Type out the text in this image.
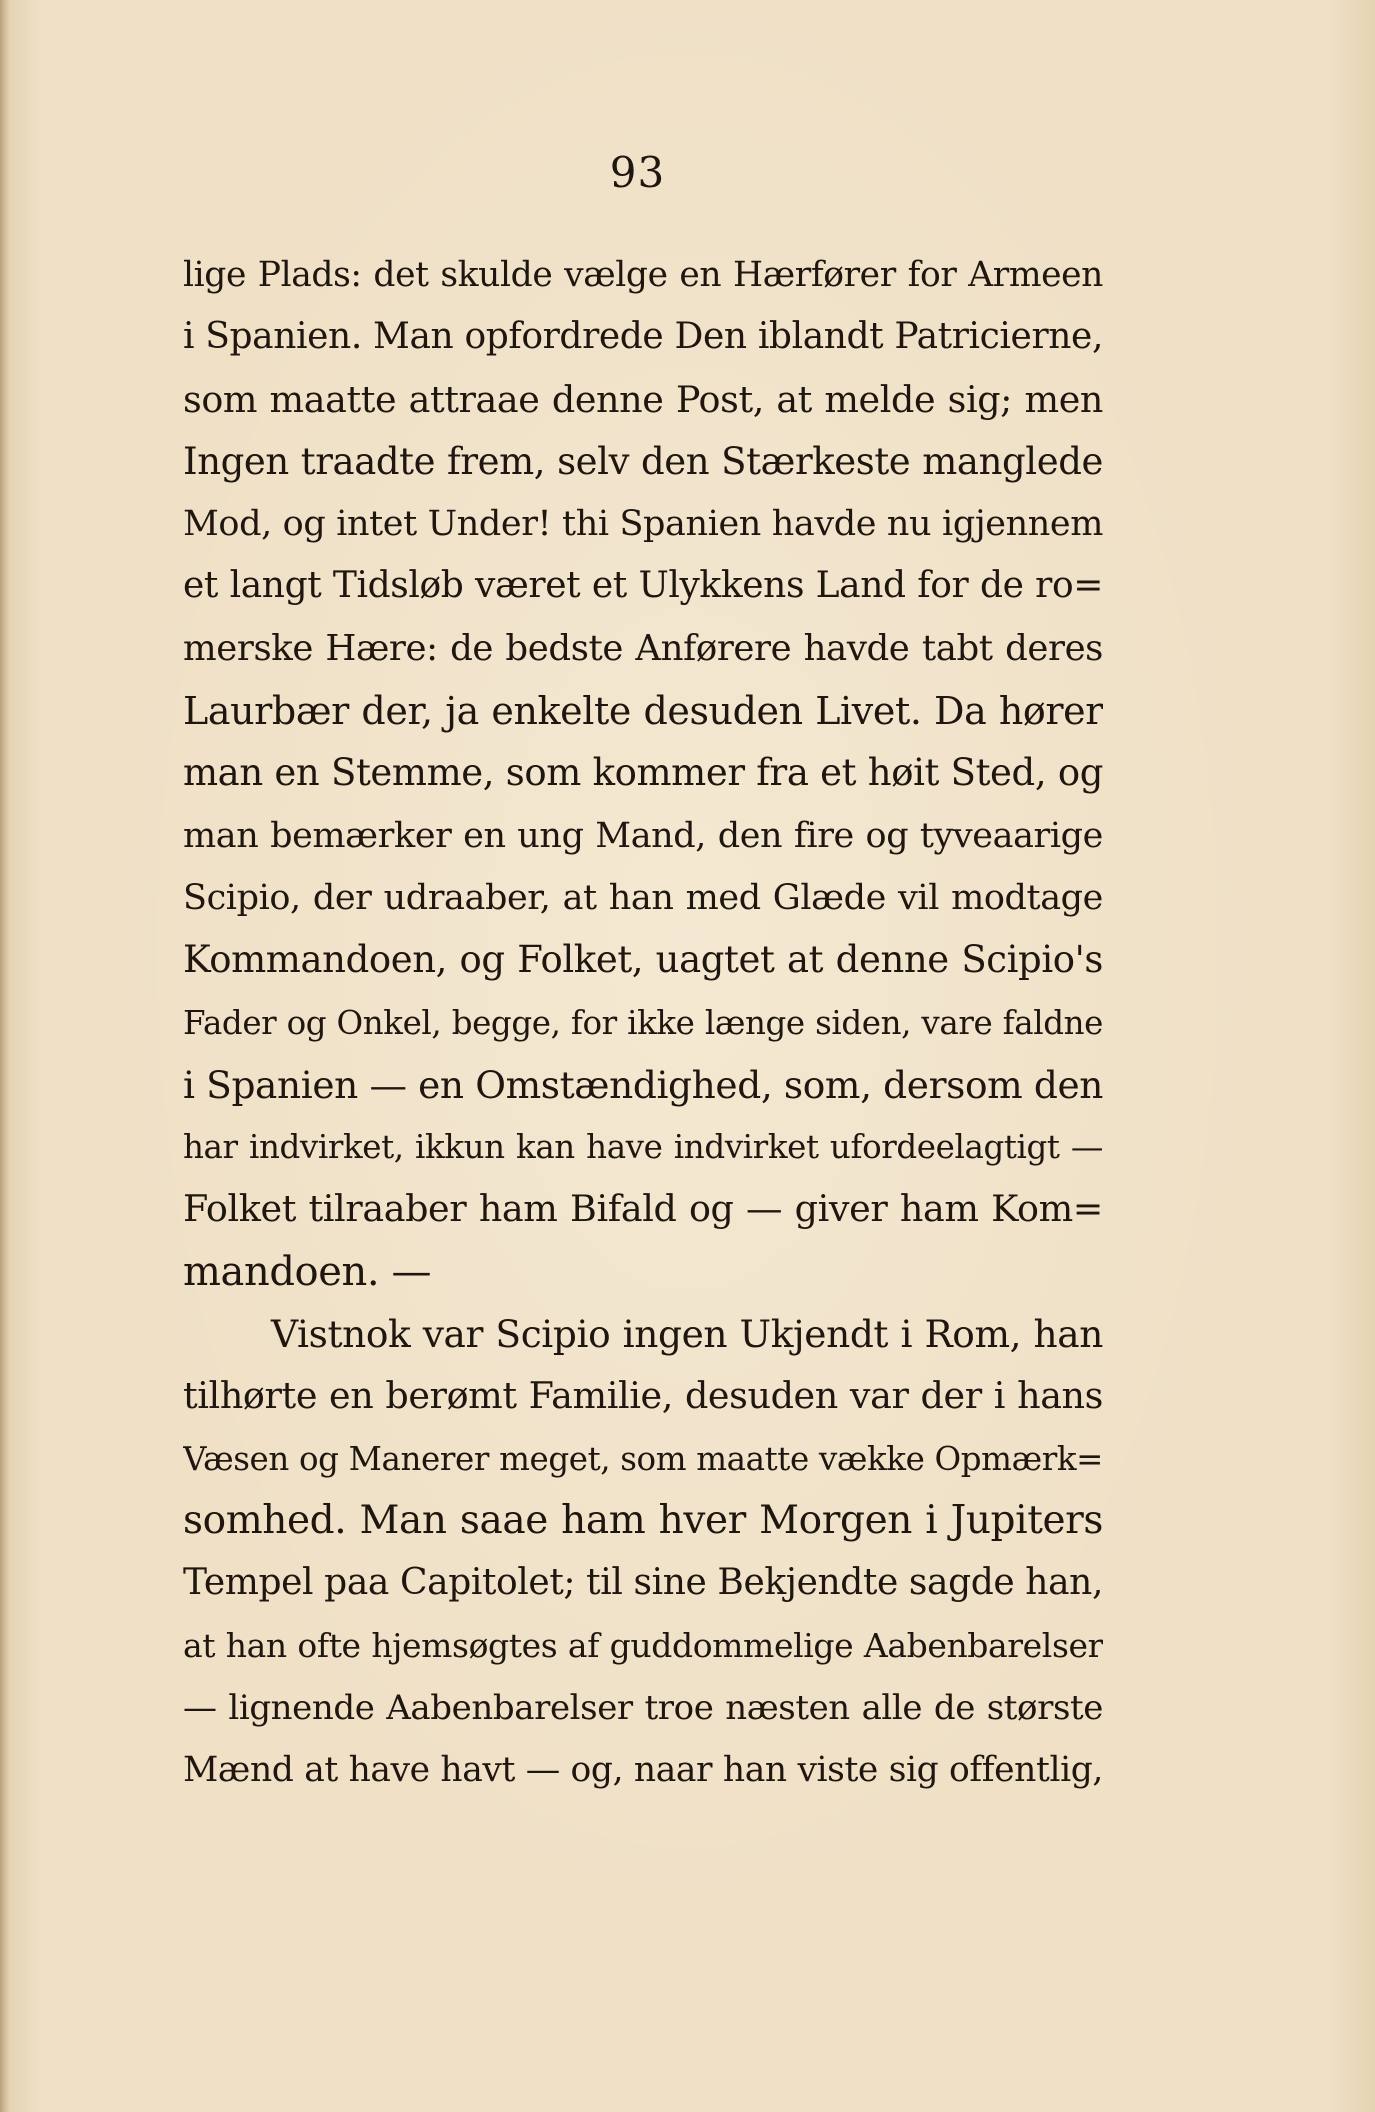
93
lige Plads: det skulde vælge en Hærfører for Armeen
i Spanien. Man opfordrede Den iblandt Patricierne,
som maatte attraae denne Post, at melde sig; men
Ingen traadte frem, selv den Stærkeste manglede
Mod, og intet Under! thi Spanien havde nu igjennem
et langt Tidsløb været et Ulykkens Land for de ro=
merske Hære: de bedste Anførere havde tabt deres
Laurbær der, ja enkelte desuden Livet. Da hører
man en Stemme, som kommer fra et høit Sted, og
man bemærker en ung Mand, den fire og tyveaarige
Scipio, der udraaber, at han med Glæde vil modtage
Kommandoen, og Folket, uagtet at denne Scipio's
Fader og Onkel, begge, for ikke længe siden, vare faldne
i Spanien — en Omstændighed, som, dersom den
har indvirket, ikkun kan have indvirket ufordeelagtigt —
Folket tilraaber ham Bifald og — giver ham Kom=
mandoen. —
Vistnok var Scipio ingen Ukjendt i Rom, han
tilhørte en berømt Familie, desuden var der i hans
Væsen og Manerer meget, som maatte vække Opmærk=
somhed. Man saae ham hver Morgen i Jupiters
Tempel paa Capitolet; til sine Bekjendte sagde han,
at han ofte hjemsøgtes af guddommelige Aabenbarelser
— lignende Aabenbarelser troe næsten alle de største
Mænd at have havt — og, naar han viste sig offentlig,
